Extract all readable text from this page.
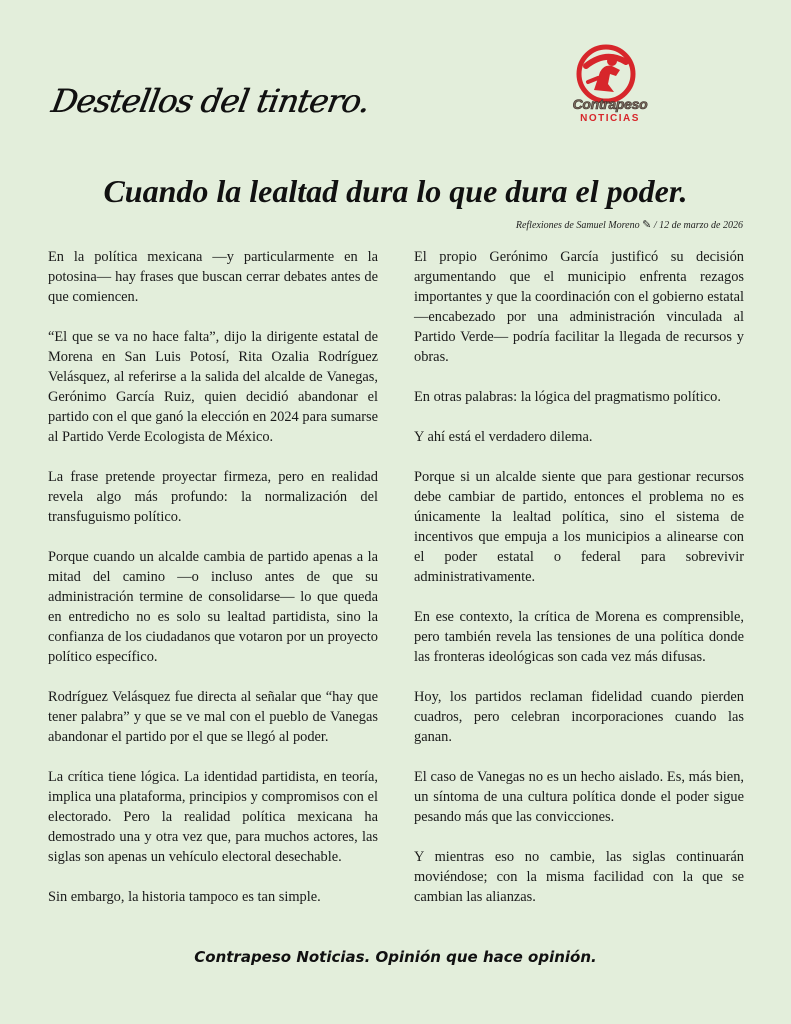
Destellos del tintero.	Contrapeso
NOTICIAS
Cuando la lealtad dura lo que dura el poder.
Reflexiones de Samuel Moreno ✎ / 12 de marzo de 2026

En la política mexicana —y particularmente en la potosina— hay frases que buscan cerrar debates antes de que comiencen.

“El que se va no hace falta”, dijo la dirigente estatal de Morena en San Luis Potosí, Rita Ozalia Rodríguez Velásquez, al referirse a la salida del alcalde de Vanegas, Gerónimo García Ruiz, quien decidió abandonar el partido con el que ganó la elección en 2024 para sumarse al Partido Verde Ecologista de México.

La frase pretende proyectar firmeza, pero en realidad revela algo más profundo: la normalización del transfuguismo político.

Porque cuando un alcalde cambia de partido apenas a la mitad del camino —o incluso antes de que su administración termine de consolidarse— lo que queda en entredicho no es solo su lealtad partidista, sino la confianza de los ciudadanos que votaron por un proyecto político específico.

Rodríguez Velásquez fue directa al señalar que “hay que tener palabra” y que se ve mal con el pueblo de Vanegas abandonar el partido por el que se llegó al poder.

La crítica tiene lógica. La identidad partidista, en teoría, implica una plataforma, principios y compromisos con el electorado. Pero la realidad política mexicana ha demostrado una y otra vez que, para muchos actores, las siglas son apenas un vehículo electoral desechable.

Sin embargo, la historia tampoco es tan simple.

El propio Gerónimo García justificó su decisión argumentando que el municipio enfrenta rezagos importantes y que la coordinación con el gobierno estatal —encabezado por una administración vinculada al Partido Verde— podría facilitar la llegada de recursos y obras.

En otras palabras: la lógica del pragmatismo político.

Y ahí está el verdadero dilema.

Porque si un alcalde siente que para gestionar recursos debe cambiar de partido, entonces el problema no es únicamente la lealtad política, sino el sistema de incentivos que empuja a los municipios a alinearse con el poder estatal o federal para sobrevivir administrativamente.

En ese contexto, la crítica de Morena es comprensible, pero también revela las tensiones de una política donde las fronteras ideológicas son cada vez más difusas.

Hoy, los partidos reclaman fidelidad cuando pierden cuadros, pero celebran incorporaciones cuando las ganan.

El caso de Vanegas no es un hecho aislado. Es, más bien, un síntoma de una cultura política donde el poder sigue pesando más que las convicciones.

Y mientras eso no cambie, las siglas continuarán moviéndose; con la misma facilidad con la que se cambian las alianzas.

Contrapeso Noticias. Opinión que hace opinión.
